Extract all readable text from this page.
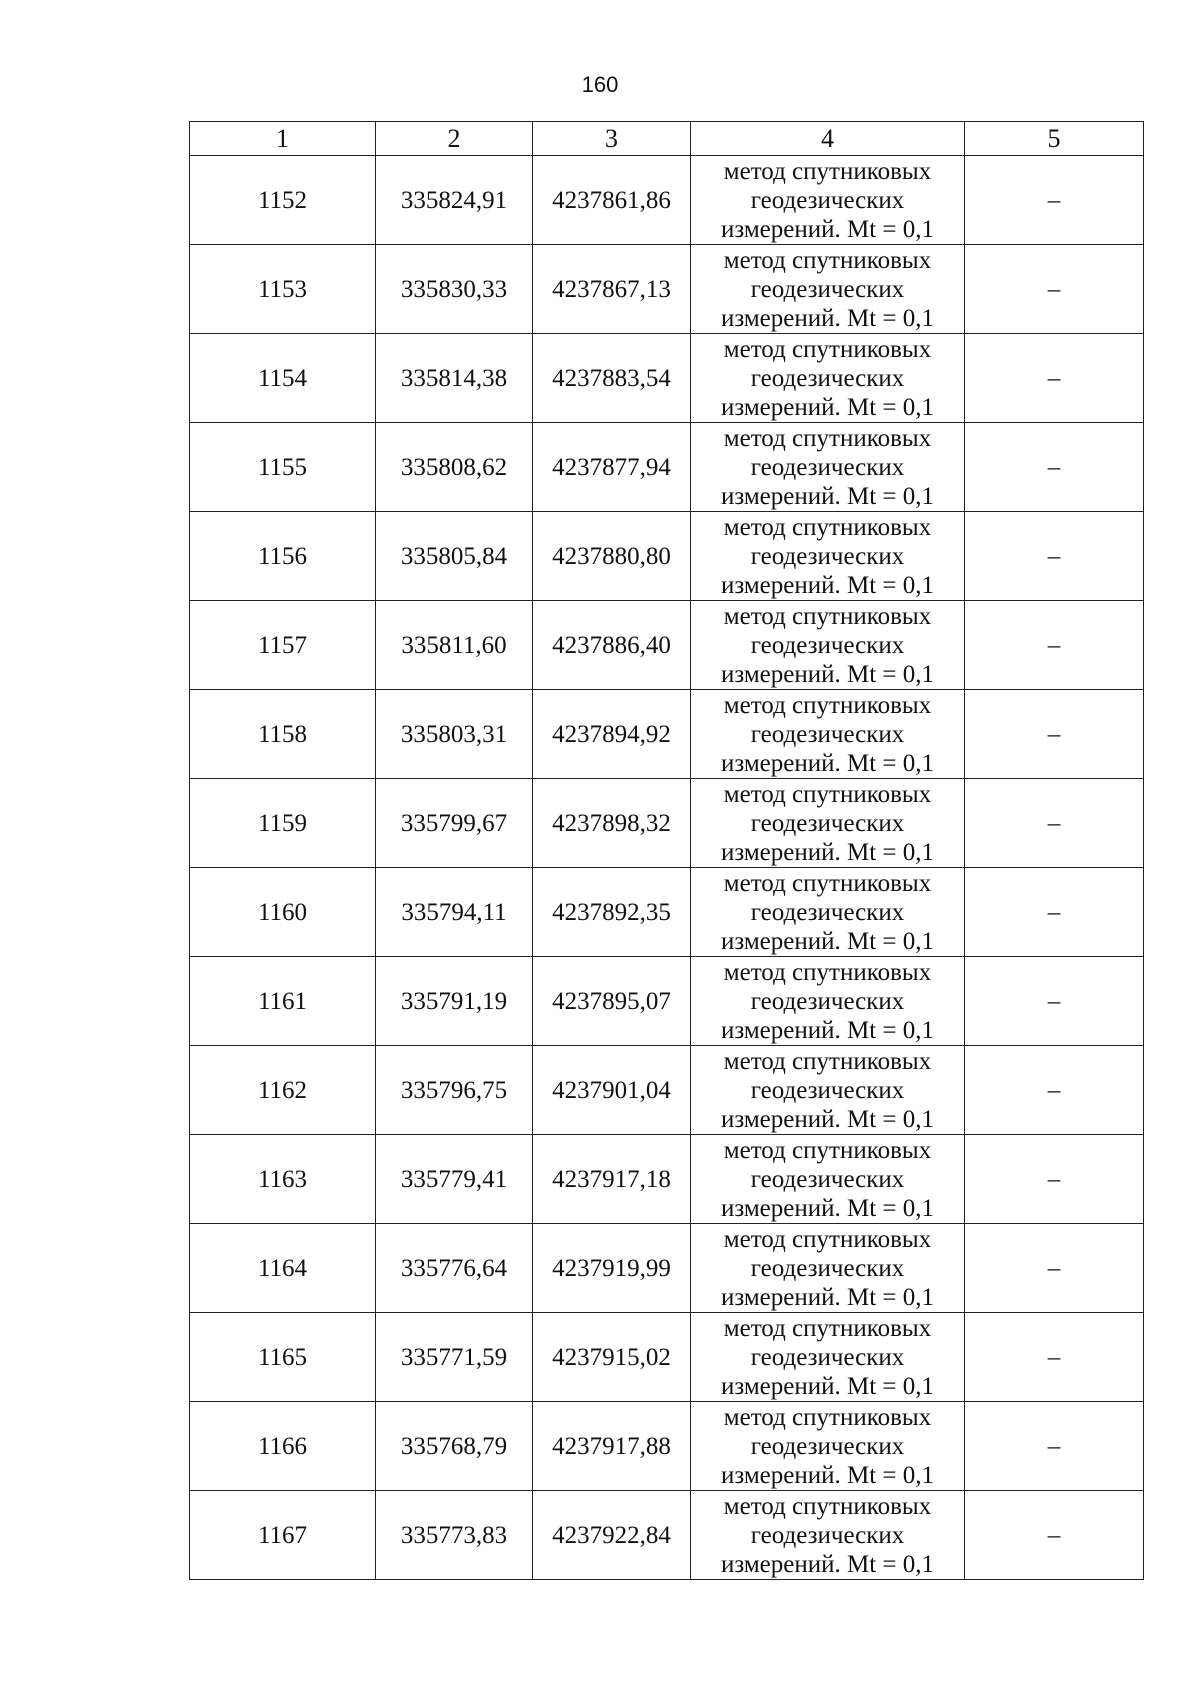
160
1	2	3	4	5
1152	335824,91	4237861,86	метод спутниковых
геодезических
измерений. Mt = 0,1	–
1153	335830,33	4237867,13	метод спутниковых
геодезических
измерений. Mt = 0,1	–
1154	335814,38	4237883,54	метод спутниковых
геодезических
измерений. Mt = 0,1	–
1155	335808,62	4237877,94	метод спутниковых
геодезических
измерений. Mt = 0,1	–
1156	335805,84	4237880,80	метод спутниковых
геодезических
измерений. Mt = 0,1	–
1157	335811,60	4237886,40	метод спутниковых
геодезических
измерений. Mt = 0,1	–
1158	335803,31	4237894,92	метод спутниковых
геодезических
измерений. Mt = 0,1	–
1159	335799,67	4237898,32	метод спутниковых
геодезических
измерений. Mt = 0,1	–
1160	335794,11	4237892,35	метод спутниковых
геодезических
измерений. Mt = 0,1	–
1161	335791,19	4237895,07	метод спутниковых
геодезических
измерений. Mt = 0,1	–
1162	335796,75	4237901,04	метод спутниковых
геодезических
измерений. Mt = 0,1	–
1163	335779,41	4237917,18	метод спутниковых
геодезических
измерений. Mt = 0,1	–
1164	335776,64	4237919,99	метод спутниковых
геодезических
измерений. Mt = 0,1	–
1165	335771,59	4237915,02	метод спутниковых
геодезических
измерений. Mt = 0,1	–
1166	335768,79	4237917,88	метод спутниковых
геодезических
измерений. Mt = 0,1	–
1167	335773,83	4237922,84	метод спутниковых
геодезических
измерений. Mt = 0,1	–
